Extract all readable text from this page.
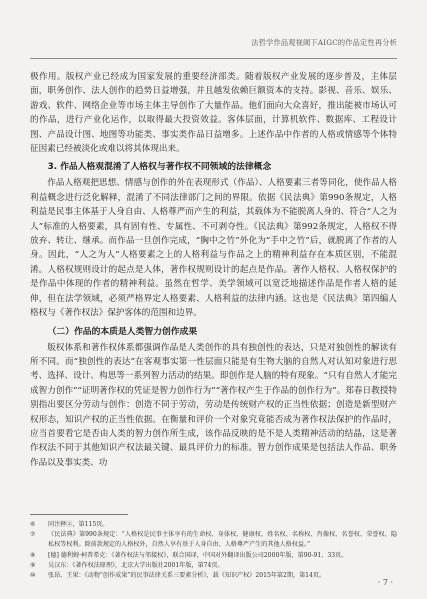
法哲学作品观视阈下AIGC的作品定性再分析

极作用。版权产业已经成为国家发展的重要经济部类。随着版权产业发展的逐步普及，主体层面，职务创作、法人创作的趋势日益增强，并且越发依赖巨额资本的支持。影视、音乐、娱乐、游戏、软件、网络企业等市场主体主导创作了大量作品。他们面向大众喜好，推出能被市场认可的作品，进行产业化运作，以取得最大投资效益。客体层面，计算机软件、数据库、工程设计图、产品设计图、地图等功能类、事实类作品日益增多。上述作品中作者的人格或情感等个体特征因素已经被淡化或难以将其体现出来。

3. 作品人格观混淆了人格权与著作权不同领域的法律概念

作品人格观把思想、情感与创作的外在表现形式（作品）、人格要素三者等同化，使作品人格利益概念进行泛化解释，混淆了不同法律部门之间的界限。依据《民法典》第990条规定，人格利益是民事主体基于人身自由、人格尊严而产生的利益，其载体为不能脱离人身的、符合“人之为人”标准的人格要素，具有固有性、专属性、不可剥夺性。《民法典》第992条规定，人格权不得放弃、转让、继承。而作品一旦创作完成，“胸中之竹”外化为“手中之竹”后，就脱离了作者的人身。因此，“人之为人”人格要素之上的人格利益与作品之上的精神利益存在本质区别，不能混淆。人格权规则设计的起点是人体，著作权规则设计的起点是作品。著作人格权、人格权保护的是作品中体现的作者的精神利益。虽然在哲学、美学领域可以宽泛地描述作品是作者人格的延伸，但在法学领域，必须严格界定人格要素、人格利益的法律内涵。这也是《民法典》第四编人格权与《著作权法》保护客体的范围和边界。

（二）作品的本质是人类智力创作成果

版权体系和著作权体系都强调作品是人类创作的具有独创性的表达，只是对独创性的解读有所不同。而“独创性的表达”在客观事实第一性层面只能是有生物大脑的自然人对认知对象进行思考、选择、设计、构思等一系列智力活动的结果。即创作是人脑的特有现象。“只有自然人才能完成智力创作”“证明著作权的凭证是智力创作行为”“著作权产生于作品的创作行为”。郑春日教授特别指出要区分劳动与创作：创造不同于劳动，劳动是传统财产权的正当性依据；创造是新型财产权形态，知识产权的正当性依据。在衡量和评价一个对象究竟能否成为著作权法保护的作品时，应当首要看它是否由人类的智力创作所生成，该作品反映的是不是人类精神活动的结晶，这是著作权法不同于其他知识产权法最关键、最具评价力的标准。智力创作成果是包括法人作品、职务作品以及事实类、功

⑥	同注释②，第115页。
⑦	《民法典》第990条规定：“人格权是民事主体享有的生命权、身体权、健康权、姓名权、名称权、肖像权、名誉权、荣誉权、隐私权等权利。除前款规定的人格权外，自然人享有基于人身自由、人格尊严产生的其他人格权益。”
⑧	[德] 德利姆·柯普希克：《著作权法与邻接权》，联合国译，中国对外翻译出版公司2000年版，第90-91、33页。
⑨	吴汉东：《著作权法原理》，北京大学出版社2001年版，第74页。
⑩	张昂、王果：《动物“创作成果”的民事法律关系三要素分析》，载《知识产权》2015年第2期，第14页。
· 7 ·
